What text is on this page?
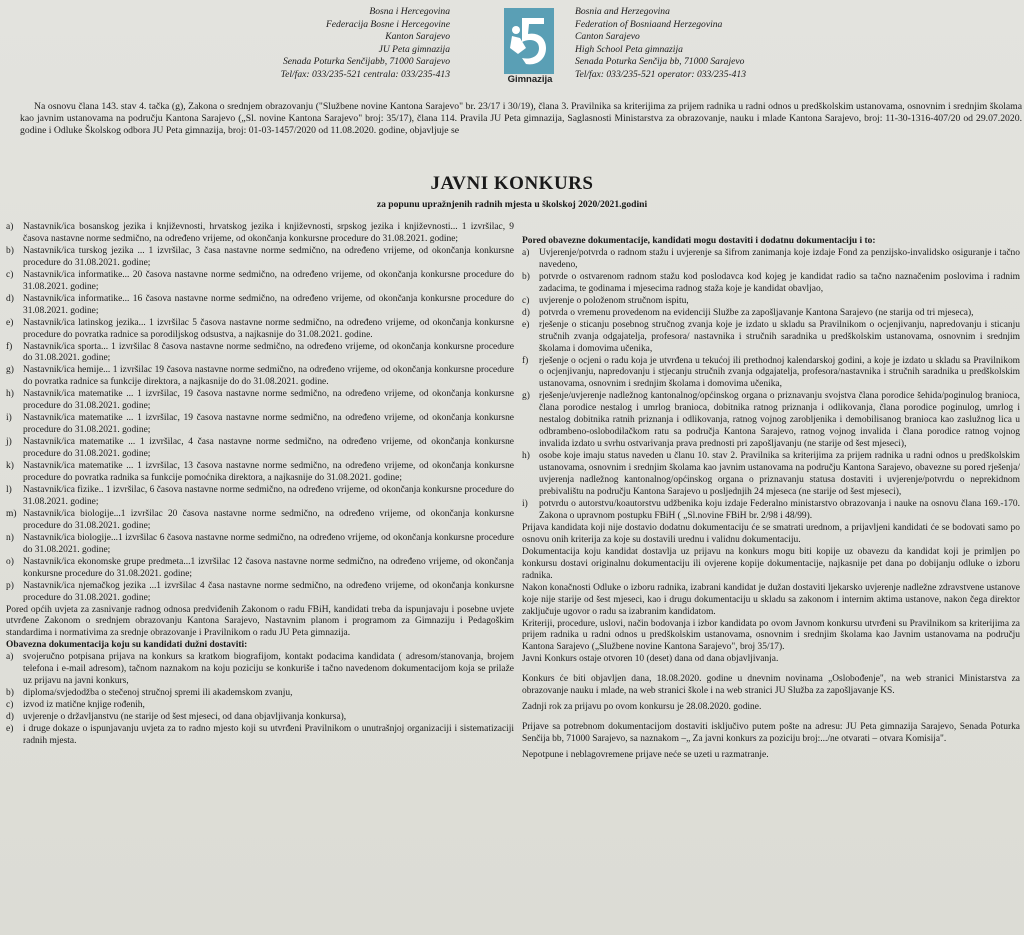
Bosna i Hercegovina
Federacija Bosne i Hercegovine
Kanton Sarajevo
JU Peta gimnazija
Senada Poturka Senčijabb, 71000 Sarajevo
Tel/fax: 033/235-521 centrala: 033/235-413	Gimnazija
Bosnia and Herzegovina
Federation of Bosniaand Herzegovina
Canton Sarajevo
High School Peta gimnazija
Senada Poturka Senčija bb, 71000 Sarajevo
Tel/fax: 033/235-521 operator: 033/235-413
Na osnovu člana 143. stav 4. tačka (g), Zakona o srednjem obrazovanju ("Službene novine Kantona Sarajevo" br. 23/17 i 30/19), člana 3. Pravilnika sa kriterijima za prijem radnika u radni odnos u predškolskim ustanovama, osnovnim i srednjim školama kao javnim ustanovama na području Kantona Sarajevo („Sl. novine Kantona Sarajevo" broj: 35/17), člana 114. Pravila JU Peta gimnazija, Saglasnosti Ministarstva za obrazovanje, nauku i mlade Kantona Sarajevo, broj: 11-30-1316-407/20 od 29.07.2020. godine i Odluke Školskog odbora JU Peta gimnazija, broj: 01-03-1457/2020 od 11.08.2020. godine, objavljuje se
JAVNI KONKURS
za popunu upražnjenih radnih mjesta u školskoj 2020/2021.godini
a)	Nastavnik/ica bosanskog jezika i književnosti, hrvatskog jezika i književnosti, srpskog jezika i književnosti... 1 izvršilac, 9 časova nastavne norme sedmično, na određeno vrijeme, od okončanja konkursne procedure do 31.08.2021. godine;
b) Nastavnik/ica turskog jezika ... 1 izvršilac, 3 časa nastavne norme sedmično, na određeno vrijeme, od okončanja konkursne procedure do 31.08.2021. godine;
c)	Nastavnik/ica informatike... 20 časova nastavne norme sedmično, na određeno vrijeme, od okončanja konkursne procedure do 31.08.2021. godine;
d) Nastavnik/ica informatike... 16 časova nastavne norme sedmično, na određeno vrijeme, od okončanja konkursne procedure do 31.08.2021. godine;
e)	Nastavnik/ica latinskog jezika... 1 izvršilac 5 časova nastavne norme sedmično, na određeno vrijeme, od okončanja konkursne procedure do povratka radnice sa porodiljskog odsustva, a najkasnije do 31.08.2021. godine.
f)	Nastavnik/ica sporta... 1 izvršilac 8 časova nastavne norme sedmično, na određeno vrijeme, od okončanja konkursne procedure do 31.08.2021. godine;
g) Nastavnik/ica hemije... 1 izvršilac 19 časova nastavne norme sedmično, na određeno vrijeme, od okončanja konkursne procedure do povratka radnice sa funkcije direktora, a najkasnije do do 31.08.2021. godine.
h) Nastavnik/ica matematike ... 1 izvršilac, 19 časova nastavne norme sedmično, na određeno vrijeme, od okončanja konkursne procedure do 31.08.2021. godine;
i)	Nastavnik/ica matematike ... 1 izvršilac, 19 časova nastavne norme sedmično, na određeno vrijeme, od okončanja konkursne procedure do 31.08.2021. godine;
j)	Nastavnik/ica matematike ... 1 izvršilac, 4 časa nastavne norme sedmično, na određeno vrijeme, od okončanja konkursne procedure do 31.08.2021. godine;
k) Nastavnik/ica matematike ... 1 izvršilac, 13 časova nastavne norme sedmično, na određeno vrijeme, od okončanja konkursne procedure do povratka radnika sa funkcije pomoćnika direktora, a najkasnije do 31.08.2021. godine;
l)	Nastavnik/ica fizike.. 1 izvršilac, 6 časova nastavne norme sedmično, na određeno vrijeme, od okončanja konkursne procedure do 31.08.2021. godine;
m) Nastavnik/ica biologije...1 izvršilac 20 časova nastavne norme sedmično, na određeno vrijeme, od okončanja konkursne procedure do 31.08.2021. godine;
n) Nastavnik/ica biologije...1 izvršilac 6 časova nastavne norme sedmično, na određeno vrijeme, od okončanja konkursne procedure do 31.08.2021. godine;
o) Nastavnik/ica ekonomske grupe predmeta...1 izvršilac 12 časova nastavne norme sedmično, na određeno vrijeme, od okončanja konkursne procedure do 31.08.2021. godine;
p) Nastavnik/ica njemačkog jezika ...1 izvršilac 4 časa nastavne norme sedmično, na određeno vrijeme, od okončanja konkursne procedure do 31.08.2021. godine;
Pored općih uvjeta za zasnivanje radnog odnosa predviđenih Zakonom o radu FBiH, kandidati treba da ispunjavaju i posebne uvjete utvrđene Zakonom o srednjem obrazovanju Kantona Sarajevo, Nastavnim planom i programom za Gimnaziju i Pedagoškim standardima i normativima za srednje obrazovanje i Pravilnikom o radu JU Peta gimnazija.
Obavezna dokumentacija koju su kandidati dužni dostaviti:
a)	svojeručno potpisana prijava na konkurs sa kratkom biografijom, kontakt podacima kandidata ( adresom/stanovanja, brojem telefona i e-mail adresom), tačnom naznakom na koju poziciju se konkuriše i tačno navedenom dokumentacijom koja se prilaže uz prijavu na javni konkurs,
b) diploma/svjedodžba o stečenoj stručnoj spremi ili akademskom zvanju,
c)	izvod iz matične knjige rođenih,
d) uvjerenje o državljanstvu (ne starije od šest mjeseci, od dana objavljivanja konkursa),
e)	i druge dokaze o ispunjavanju uvjeta za to radno mjesto koji su utvrđeni Pravilnikom o unutrašnjoj organizaciji i sistematizaciji radnih mjesta.
Pored obavezne dokumentacije, kandidati mogu dostaviti i dodatnu dokumentaciju i to:
a)	Uvjerenje/potvrda o radnom stažu i uvjerenje sa šifrom zanimanja koje izdaje Fond za penzijsko-invalidsko osiguranje i tačno navedeno,
b) potvrde o ostvarenom radnom stažu kod poslodavca kod kojeg je kandidat radio sa tačno naznačenim poslovima i radnim zadacima, te godinama i mjesecima radnog staža koje je kandidat obavljao,
c)	uvjerenje o položenom stručnom ispitu,
d) potvrda o vremenu provedenom na evidenciji Službe za zapošljavanje Kantona Sarajevo (ne starija od tri mjeseca),
e)	rješenje o sticanju posebnog stručnog zvanja koje je izdato u skladu sa Pravilnikom o ocjenjivanju, napredovanju i sticanju stručnih zvanja odgajatelja, profesora/ nastavnika i stručnih saradnika u predškolskim ustanovama, osnovnim i srednjim školama i domovima učenika,
f)	rješenje o ocjeni o radu koja je utvrđena u tekućoj ili prethodnoj kalendarskoj godini, a koje je izdato u skladu sa Pravilnikom o ocjenjivanju, napredovanju i stjecanju stručnih zvanja odgajatelja, profesora/nastavnika i stručnih saradnika u predškolskim ustanovama, osnovnim i srednjim školama i domovima učenika,
g) rješenje/uvjerenje nadležnog kantonalnog/općinskog organa o priznavanju svojstva člana porodice šehida/poginulog branioca, člana porodice nestalog i umrlog branioca, dobitnika ratnog priznanja i odlikovanja, člana porodice poginulog, umrlog i nestalog dobitnika ratnih priznanja i odlikovanja, ratnog vojnog zarobljenika i demobilisanog branioca kao zaslužnog lica u odbrambeno-oslobodilačkom ratu sa područja Kantona Sarajevo, ratnog vojnog invalida i člana porodice ratnog vojnog invalida izdato u svrhu ostvarivanja prava prednosti pri zapošljavanju (ne starije od šest mjeseci),
h) osobe koje imaju status naveden u članu 10. stav 2. Pravilnika sa kriterijima za prijem radnika u radni odnos u predškolskim ustanovama, osnovnim i srednjim školama kao javnim ustanovama na području Kantona Sarajevo, obavezne su pored rješenja/ uvjerenja nadležnog kantonalnog/općinskog organa o priznavanju statusa dostaviti i uvjerenje/potvrdu o neprekidnom prebivalištu na području Kantona Sarajevo u posljednjih 24 mjeseca (ne starije od šest mjeseci),
i)	potvrdu o autorstvu/koautorstvu udžbenika koju izdaje Federalno ministarstvo obrazovanja i nauke na osnovu člana 169.-170. Zakona o upravnom postupku FBiH ( „Sl.novine FBiH br. 2/98 i 48/99).
Prijava kandidata koji nije dostavio dodatnu dokumentaciju će se smatrati urednom, a prijavljeni kandidati će se bodovati samo po osnovu onih kriterija za koje su dostavili urednu i validnu dokumentaciju.
Dokumentacija koju kandidat dostavlja uz prijavu na konkurs mogu biti kopije uz obavezu da kandidat koji je primljen po konkursu dostavi originalnu dokumentaciju ili ovjerene kopije dokumentacije, najkasnije pet dana po dobijanju odluke o izboru radnika.
Nakon konačnosti Odluke o izboru radnika, izabrani kandidat je dužan dostaviti ljekarsko uvjerenje nadležne zdravstvene ustanove koje nije starije od šest mjeseci, kao i drugu dokumentaciju u skladu sa zakonom i internim aktima ustanove, nakon čega direktor zaključuje ugovor o radu sa izabranim kandidatom.
Kriteriji, procedure, uslovi, način bodovanja i izbor kandidata po ovom Javnom konkursu utvrđeni su Pravilnikom sa kriterijima za prijem radnika u radni odnos u predškolskim ustanovama, osnovnim i srednjim školama kao Javnim ustanovama na području Kantona Sarajevo („Službene novine Kantona Sarajevo", broj 35/17).
Javni Konkurs ostaje otvoren 10 (deset) dana od dana objavljivanja.
Konkurs će biti objavljen dana, 18.08.2020. godine u dnevnim novinama „Oslobođenje", na web stranici Ministarstva za obrazovanje nauku i mlade, na web stranici škole i na web stranici JU Služba za zapošljavanje KS.
Zadnji rok za prijavu po ovom konkursu je 28.08.2020. godine.
Prijave sa potrebnom dokumentacijom dostaviti isključivo putem pošte na adresu: JU Peta gimnazija Sarajevo, Senada Poturka Senčija bb, 71000 Sarajevo, sa naznakom –„ Za javni konkurs za poziciju broj:.../ne otvarati – otvara Komisija".
Nepotpune i neblagovremene prijave neće se uzeti u razmatranje.
